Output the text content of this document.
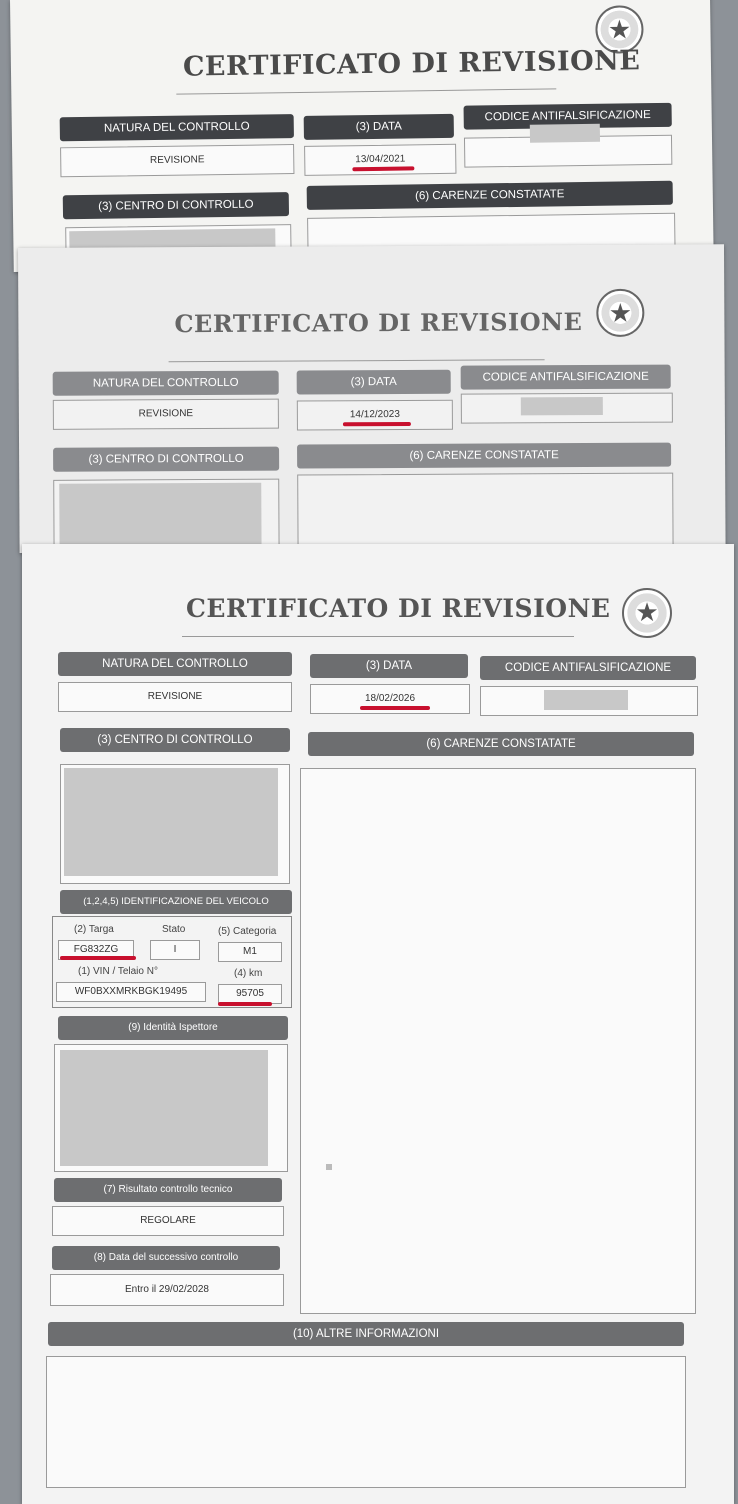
★
CERTIFICATO DI REVISIONE
NATURA DEL CONTROLLO
REVISIONE
(3) DATA
13/04/2021
CODICE ANTIFALSIFICAZIONE
(3) CENTRO DI CONTROLLO
(6) CARENZE CONSTATATE
★
CERTIFICATO DI REVISIONE
NATURA DEL CONTROLLO
REVISIONE
(3) DATA
14/12/2023
CODICE ANTIFALSIFICAZIONE
(3) CENTRO DI CONTROLLO	(6) CARENZE CONSTATATE
★
CERTIFICATO DI REVISIONE
NATURA DEL CONTROLLO
REVISIONE
(3) DATA
18/02/2026
CODICE ANTIFALSIFICAZIONE
(3) CENTRO DI CONTROLLO	(6) CARENZE CONSTATATE
(1,2,4,5) IDENTIFICAZIONE DEL VEICOLO
(2) Targa
FG832ZG
Stato
I
(5) Categoria
M1
(1) VIN / Telaio N°
WF0BXXMRKBGK19495
(4) km
95705
(9) Identità Ispettore
(7) Risultato controllo tecnico
REGOLARE
(8) Data del successivo controllo
Entro il 29/02/2028
(10) ALTRE INFORMAZIONI
